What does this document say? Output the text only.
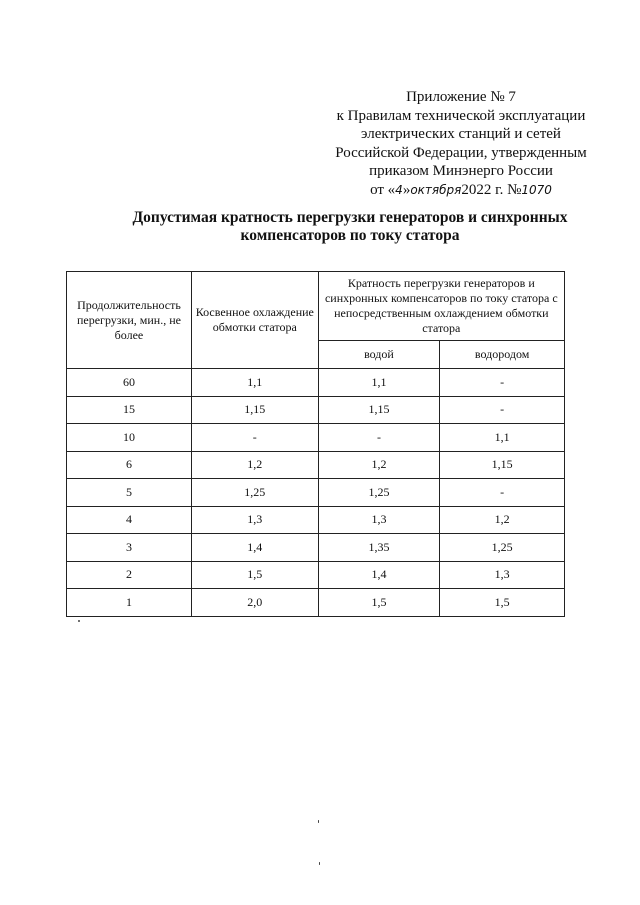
Приложение № 7
к Правилам технической эксплуатации
электрических станций и сетей
Российской Федерации, утвержденным
приказом Минэнерго России
от «4»октября2022 г. №1070
Допустимая кратность перегрузки генераторов и синхронных
компенсаторов по току статора
Продолжительность перегрузки, мин., не более	Косвенное охлаждение обмотки статора	Кратность перегрузки генераторов и синхронных компенсаторов по току статора с непосредственным охлаждением обмотки статора	
		водой	водородом
60	1,1	1,1	-
15	1,15	1,15	-
10	-	-	1,1
6	1,2	1,2	1,15
5	1,25	1,25	-
4	1,3	1,3	1,2
3	1,4	1,35	1,25
2	1,5	1,4	1,3
1	2,0	1,5	1,5
